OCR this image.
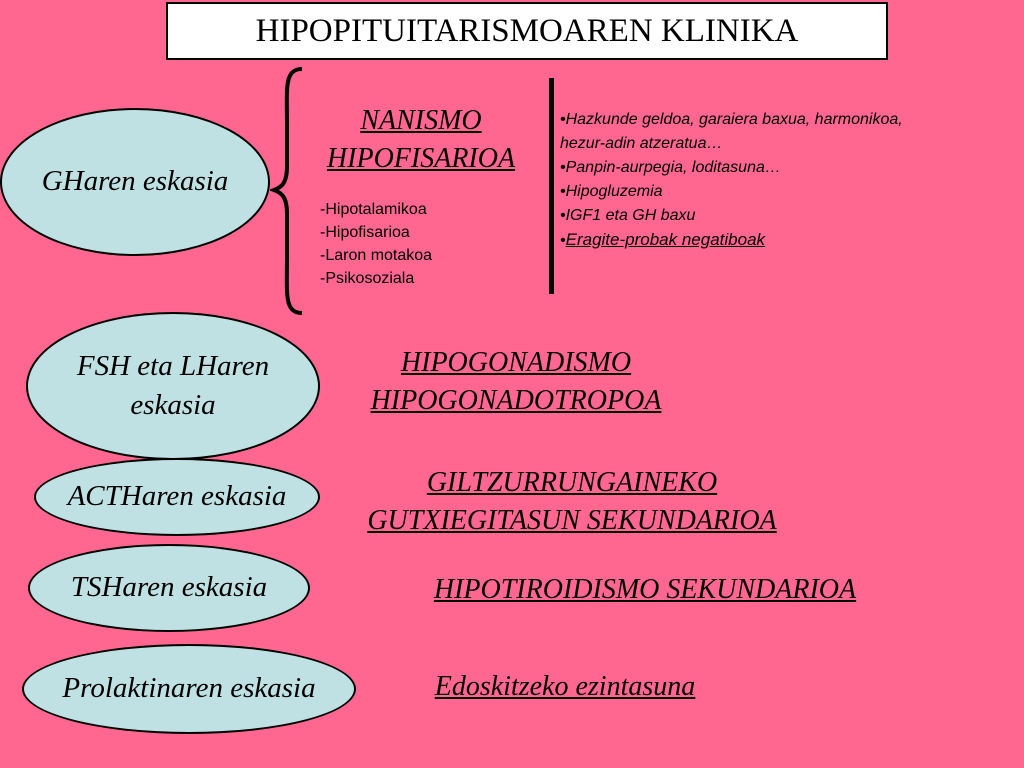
HIPOPITUITARISMOAREN KLINIKA
GHaren eskasia
NANISMO
HIPOFISARIOA
-Hipotalamikoa
-Hipofisarioa
-Laron motakoa
-Psikosoziala
•Hazkunde geldoa, garaiera baxua, harmonikoa,
hezur-adin atzeratua…
•Panpin-aurpegia, loditasuna…
•Hipogluzemia
•IGF1 eta GH baxu
•Eragite-probak negatiboak
FSH eta LHaren
eskasia
HIPOGONADISMO
HIPOGONADOTROPOA
ACTHaren eskasia	GILTZURRUNGAINEKO
GUTXIEGITASUN SEKUNDARIOA
TSHaren eskasia	HIPOTIROIDISMO SEKUNDARIOA
Prolaktinaren eskasia	Edoskitzeko ezintasuna
